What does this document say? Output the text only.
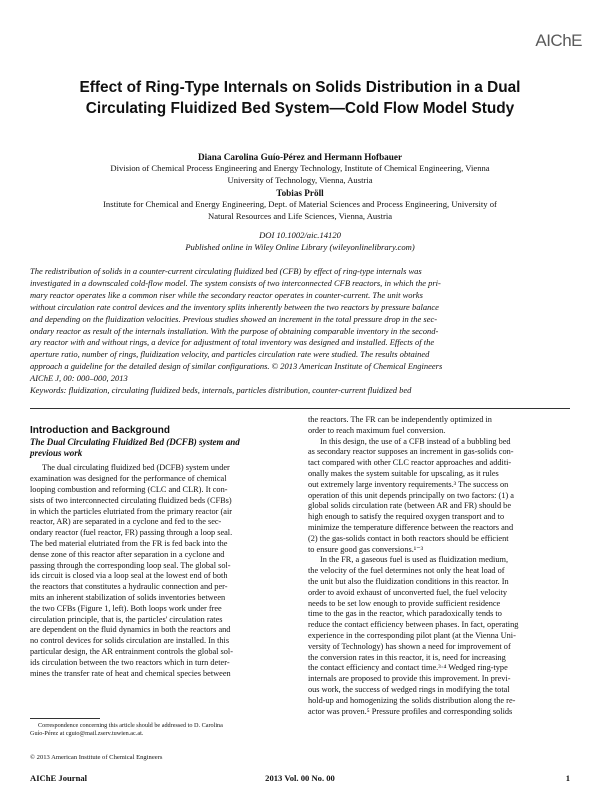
AIChE
Effect of Ring-Type Internals on Solids Distribution in a Dual
Circulating Fluidized Bed System—Cold Flow Model Study
Diana Carolina Guío-Pérez and Hermann Hofbauer
Division of Chemical Process Engineering and Energy Technology, Institute of Chemical Engineering, Vienna
University of Technology, Vienna, Austria
Tobias Pröll
Institute for Chemical and Energy Engineering, Dept. of Material Sciences and Process Engineering, University of
Natural Resources and Life Sciences, Vienna, Austria
DOI 10.1002/aic.14120
Published online in Wiley Online Library (wileyonlinelibrary.com)
The redistribution of solids in a counter-current circulating fluidized bed (CFB) by effect of ring-type internals was
investigated in a downscaled cold-flow model. The system consists of two interconnected CFB reactors, in which the pri-
mary reactor operates like a common riser while the secondary reactor operates in counter-current. The unit works
without circulation rate control devices and the inventory splits inherently between the two reactors by pressure balance
and depending on the fluidization velocities. Previous studies showed an increment in the total pressure drop in the sec-
ondary reactor as result of the internals installation. With the purpose of obtaining comparable inventory in the second-
ary reactor with and without rings, a device for adjustment of total inventory was designed and installed. Effects of the
aperture ratio, number of rings, fluidization velocity, and particles circulation rate were studied. The results obtained
approach a guideline for the detailed design of similar configurations. © 2013 American Institute of Chemical Engineers
AIChE J, 00: 000–000, 2013
Keywords: fluidization, circulating fluidized beds, internals, particles distribution, counter-current fluidized bed
Introduction and Background
The Dual Circulating Fluidized Bed (DCFB) system and
previous work
The dual circulating fluidized bed (DCFB) system under
examination was designed for the performance of chemical
looping combustion and reforming (CLC and CLR). It con-
sists of two interconnected circulating fluidized beds (CFBs)
in which the particles elutriated from the primary reactor (air
reactor, AR) are separated in a cyclone and fed to the sec-
ondary reactor (fuel reactor, FR) passing through a loop seal.
The bed material elutriated from the FR is fed back into the
dense zone of this reactor after separation in a cyclone and
passing through the corresponding loop seal. The global sol-
ids circuit is closed via a loop seal at the lowest end of both
the reactors that constitutes a hydraulic connection and per-
mits an inherent stabilization of solids inventories between
the two CFBs (Figure 1, left). Both loops work under free
circulation principle, that is, the particles' circulation rates
are dependent on the fluid dynamics in both the reactors and
no control devices for solids circulation are installed. In this
particular design, the AR entrainment controls the global sol-
ids circulation between the two reactors which in turn deter-
mines the transfer rate of heat and chemical species between
the reactors. The FR can be independently optimized in
order to reach maximum fuel conversion.
In this design, the use of a CFB instead of a bubbling bed
as secondary reactor supposes an increment in gas-solids con-
tact compared with other CLC reactor approaches and additi-
onally makes the system suitable for upscaling, as it rules
out extremely large inventory requirements.³ The success on
operation of this unit depends principally on two factors: (1) a
global solids circulation rate (between AR and FR) should be
high enough to satisfy the required oxygen transport and to
minimize the temperature difference between the reactors and
(2) the gas-solids contact in both reactors should be efficient
to ensure good gas conversions.¹⁻³
In the FR, a gaseous fuel is used as fluidization medium,
the velocity of the fuel determines not only the heat load of
the unit but also the fluidization conditions in this reactor. In
order to avoid exhaust of unconverted fuel, the fuel velocity
needs to be set low enough to provide sufficient residence
time to the gas in the reactor, which paradoxically tends to
reduce the contact efficiency between phases. In fact, operating
experience in the corresponding pilot plant (at the Vienna Uni-
versity of Technology) has shown a need for improvement of
the conversion rates in this reactor, it is, need for increasing
the contact efficiency and contact time.³·⁴ Wedged ring-type
internals are proposed to provide this improvement. In previ-
ous work, the success of wedged rings in modifying the total
hold-up and homogenizing the solids distribution along the re-
actor was proven.⁵ Pressure profiles and corresponding solids
Correspondence concerning this article should be addressed to D. Carolina
Guío-Pérez at cguio@mail.zserv.tuwien.ac.at.
© 2013 American Institute of Chemical Engineers
AIChE Journal	2013 Vol. 00 No. 00	1
